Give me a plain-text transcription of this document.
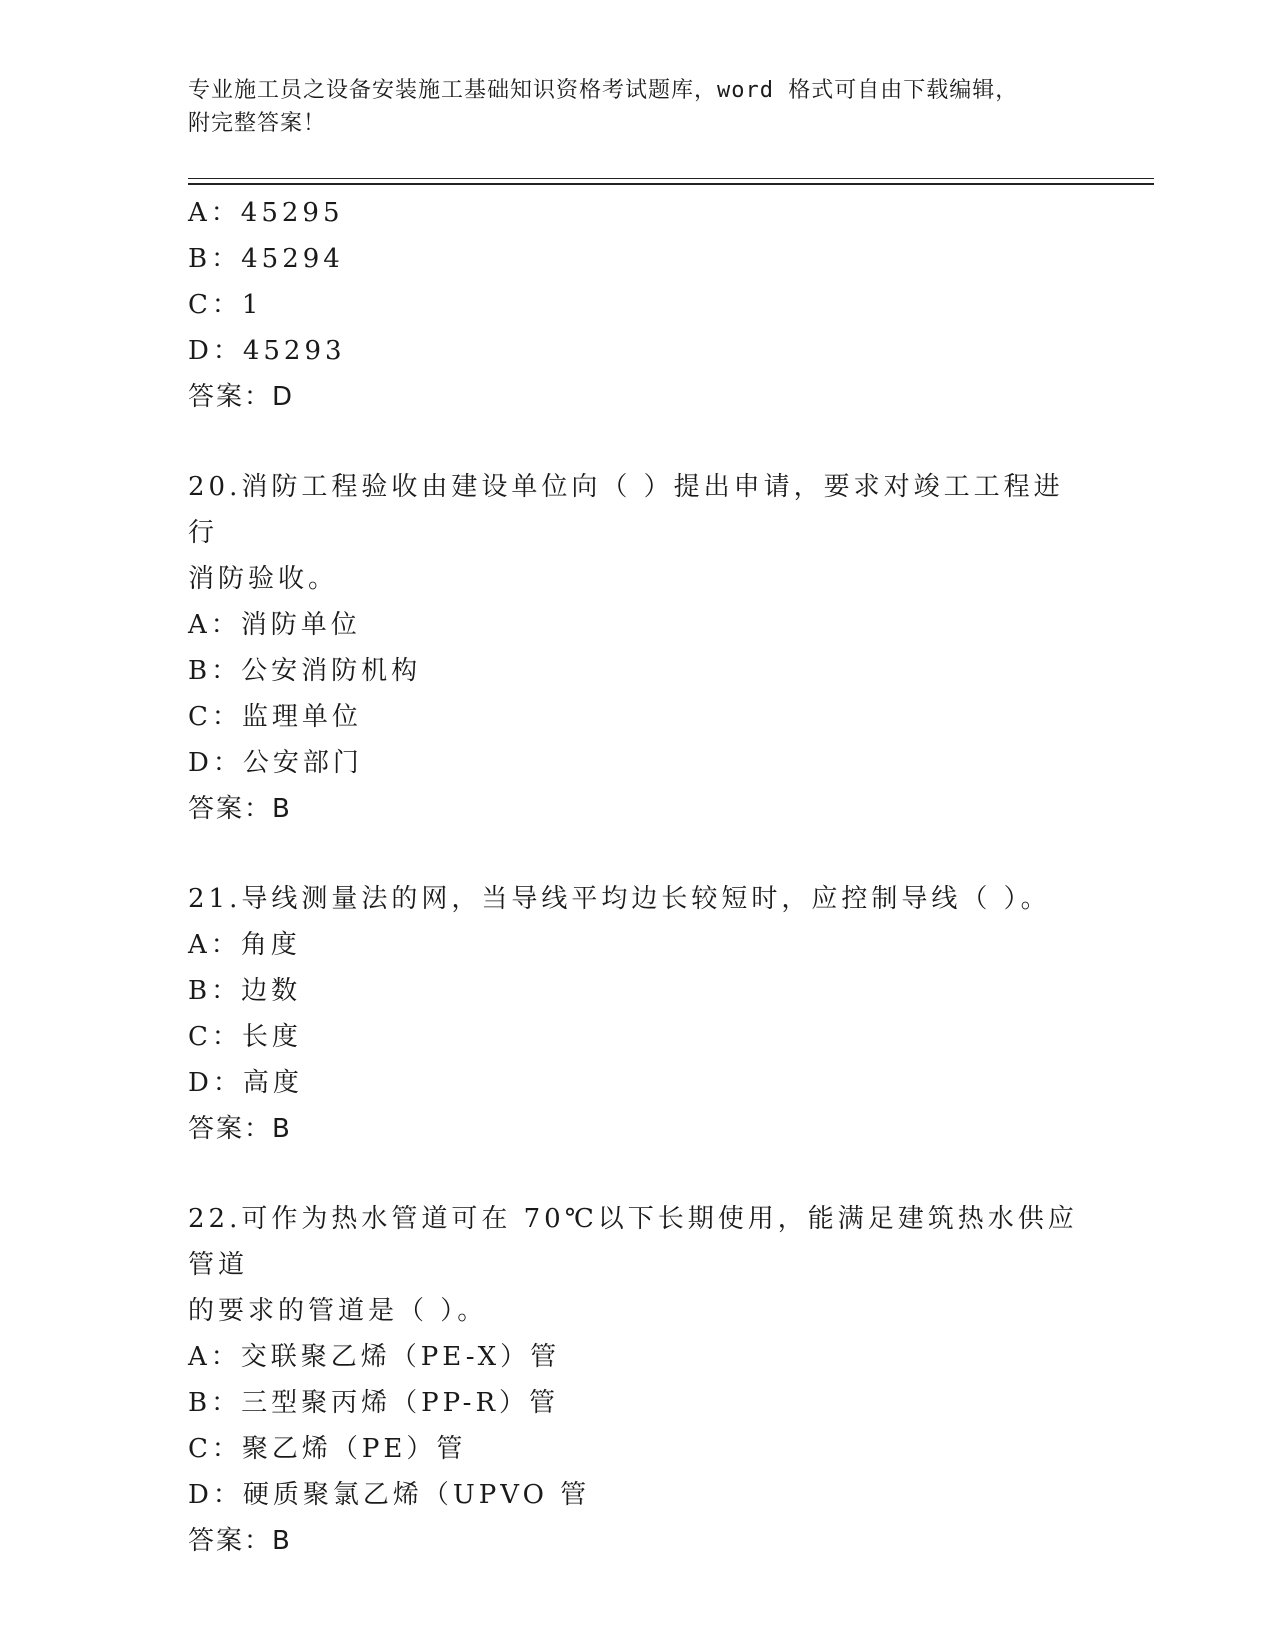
专业施工员之设备安装施工基础知识资格考试题库，word 格式可自由下载编辑，
附完整答案！
A：45295
B：45294
C：1
D：45293
答案：D
20.消防工程验收由建设单位向（ ）提出申请，要求对竣工工程进行
消防验收。
A：消防单位
B：公安消防机构
C：监理单位
D：公安部门
答案：B
21.导线测量法的网，当导线平均边长较短时，应控制导线（ ）。
A：角度
B：边数
C：长度
D：高度
答案：B
22.可作为热水管道可在 70℃以下长期使用，能满足建筑热水供应管道
的要求的管道是（ ）。
A：交联聚乙烯（PE-X）管
B：三型聚丙烯（PP-R）管
C：聚乙烯（PE）管
D：硬质聚氯乙烯（UPVO 管
答案：B
